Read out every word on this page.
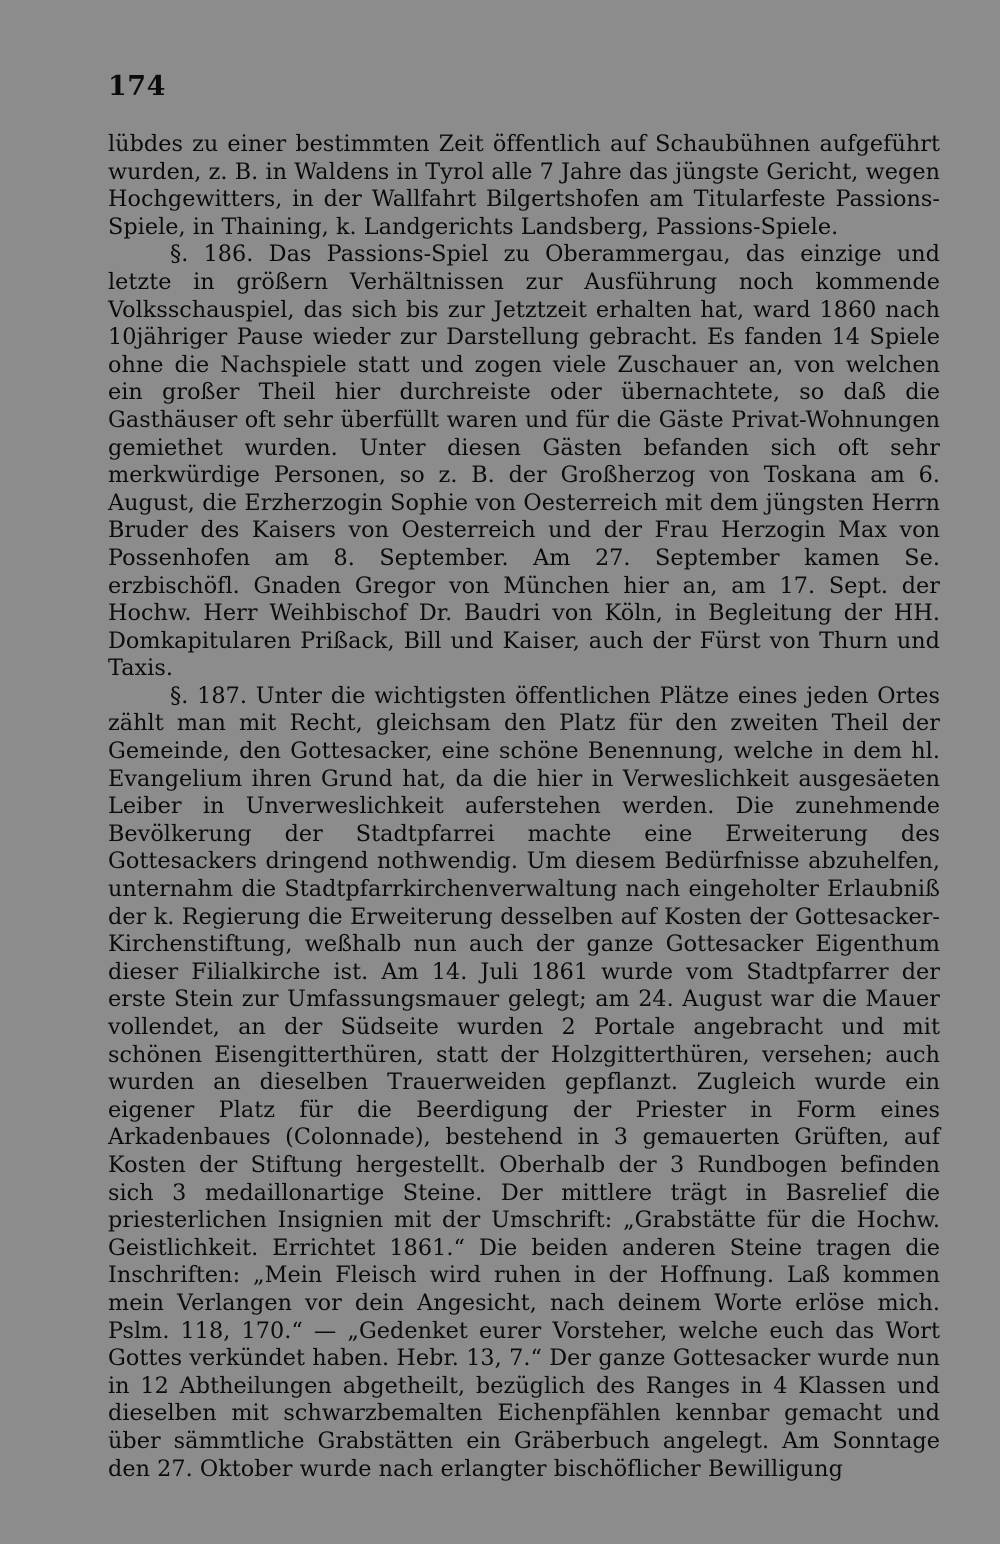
174

lübdes zu einer bestimmten Zeit öffentlich auf Schaubühnen aufgeführt wurden, z. B. in Waldens in Tyrol alle 7 Jahre das jüngste Gericht, wegen Hochgewitters, in der Wallfahrt Bilgertshofen am Titularfeste Passions-Spiele, in Thaining, k. Landgerichts Landsberg, Passions-Spiele.

§. 186. Das Passions-Spiel zu Oberammergau, das einzige und letzte in größern Verhältnissen zur Ausführung noch kommende Volksschauspiel, das sich bis zur Jetztzeit erhalten hat, ward 1860 nach 10jähriger Pause wieder zur Darstellung gebracht. Es fanden 14 Spiele ohne die Nachspiele statt und zogen viele Zuschauer an, von welchen ein großer Theil hier durchreiste oder übernachtete, so daß die Gasthäuser oft sehr überfüllt waren und für die Gäste Privat-Wohnungen gemiethet wurden. Unter diesen Gästen befanden sich oft sehr merkwürdige Personen, so z. B. der Großherzog von Toskana am 6. August, die Erzherzogin Sophie von Oesterreich mit dem jüngsten Herrn Bruder des Kaisers von Oesterreich und der Frau Herzogin Max von Possenhofen am 8. September. Am 27. September kamen Se. erzbischöfl. Gnaden Gregor von München hier an, am 17. Sept. der Hochw. Herr Weihbischof Dr. Baudri von Köln, in Begleitung der HH. Domkapitularen Prißack, Bill und Kaiser, auch der Fürst von Thurn und Taxis.

§. 187. Unter die wichtigsten öffentlichen Plätze eines jeden Ortes zählt man mit Recht, gleichsam den Platz für den zweiten Theil der Gemeinde, den Gottesacker, eine schöne Benennung, welche in dem hl. Evangelium ihren Grund hat, da die hier in Verweslichkeit ausgesäeten Leiber in Unverweslichkeit auferstehen werden. Die zunehmende Bevölkerung der Stadtpfarrei machte eine Erweiterung des Gottesackers dringend nothwendig. Um diesem Bedürfnisse abzuhelfen, unternahm die Stadtpfarrkirchenverwaltung nach eingeholter Erlaubniß der k. Regierung die Erweiterung desselben auf Kosten der Gottesacker-Kirchenstiftung, weßhalb nun auch der ganze Gottesacker Eigenthum dieser Filialkirche ist. Am 14. Juli 1861 wurde vom Stadtpfarrer der erste Stein zur Umfassungsmauer gelegt; am 24. August war die Mauer vollendet, an der Südseite wurden 2 Portale angebracht und mit schönen Eisengitterthüren, statt der Holzgitterthüren, versehen; auch wurden an dieselben Trauerweiden gepflanzt. Zugleich wurde ein eigener Platz für die Beerdigung der Priester in Form eines Arkadenbaues (Colonnade), bestehend in 3 gemauerten Grüften, auf Kosten der Stiftung hergestellt. Oberhalb der 3 Rundbogen befinden sich 3 medaillonartige Steine. Der mittlere trägt in Basrelief die priesterlichen Insignien mit der Umschrift: „Grabstätte für die Hochw. Geistlichkeit. Errichtet 1861.“ Die beiden anderen Steine tragen die Inschriften: „Mein Fleisch wird ruhen in der Hoffnung. Laß kommen mein Verlangen vor dein Angesicht, nach deinem Worte erlöse mich. Pslm. 118, 170.“ — „Gedenket eurer Vorsteher, welche euch das Wort Gottes verkündet haben. Hebr. 13, 7.“ Der ganze Gottesacker wurde nun in 12 Abtheilungen abgetheilt, bezüglich des Ranges in 4 Klassen und dieselben mit schwarzbemalten Eichenpfählen kennbar gemacht und über sämmtliche Grabstätten ein Gräberbuch angelegt. Am Sonntage den 27. Oktober wurde nach erlangter bischöflicher Bewilligung
